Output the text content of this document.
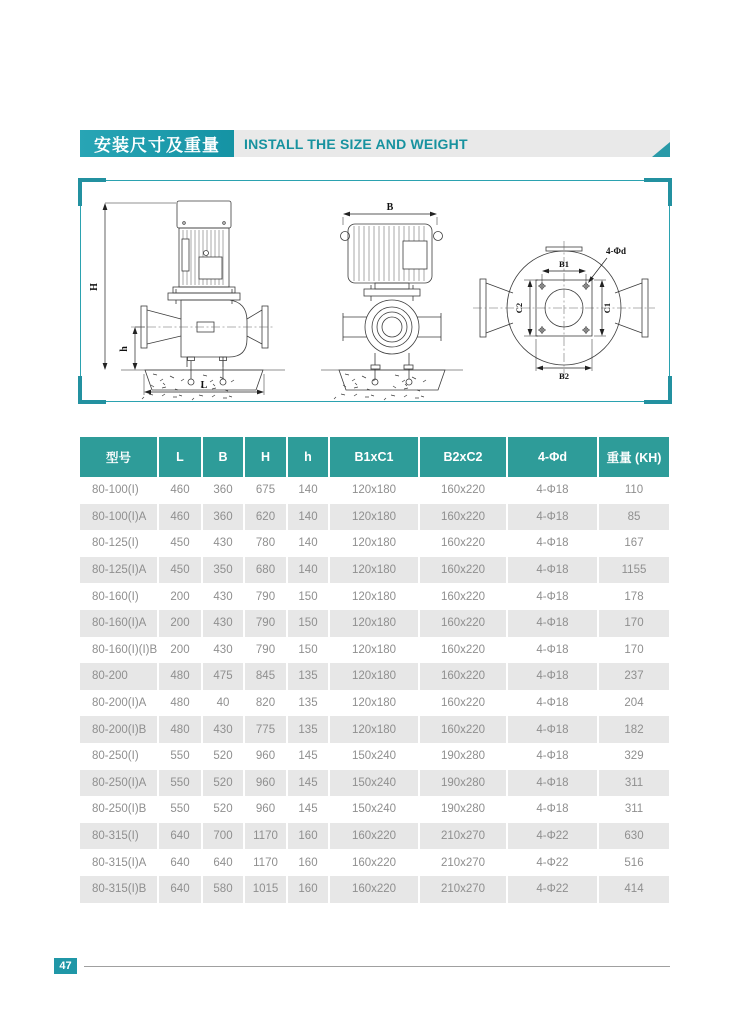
安装尺寸及重量	INSTALL THE SIZE AND WEIGHT
H
h
L
B
B1
B2
C1
C2
4-Φd
型号	L	B	H	h	B1xC1	B2xC2	4-Φd	重量 (KH)
80-100(I)	460	360	675	140	120x180	160x220	4-Φ18	110
80-100(I)A	460	360	620	140	120x180	160x220	4-Φ18	85
80-125(I)	450	430	780	140	120x180	160x220	4-Φ18	167
80-125(I)A	450	350	680	140	120x180	160x220	4-Φ18	1155
80-160(I)	200	430	790	150	120x180	160x220	4-Φ18	178
80-160(I)A	200	430	790	150	120x180	160x220	4-Φ18	170
80-160(I)(I)B	200	430	790	150	120x180	160x220	4-Φ18	170
80-200	480	475	845	135	120x180	160x220	4-Φ18	237
80-200(I)A	480	40	820	135	120x180	160x220	4-Φ18	204
80-200(I)B	480	430	775	135	120x180	160x220	4-Φ18	182
80-250(I)	550	520	960	145	150x240	190x280	4-Φ18	329
80-250(I)A	550	520	960	145	150x240	190x280	4-Φ18	311
80-250(I)B	550	520	960	145	150x240	190x280	4-Φ18	311
80-315(I)	640	700	1170	160	160x220	210x270	4-Φ22	630
80-315(I)A	640	640	1170	160	160x220	210x270	4-Φ22	516
80-315(I)B	640	580	1015	160	160x220	210x270	4-Φ22	414
47
